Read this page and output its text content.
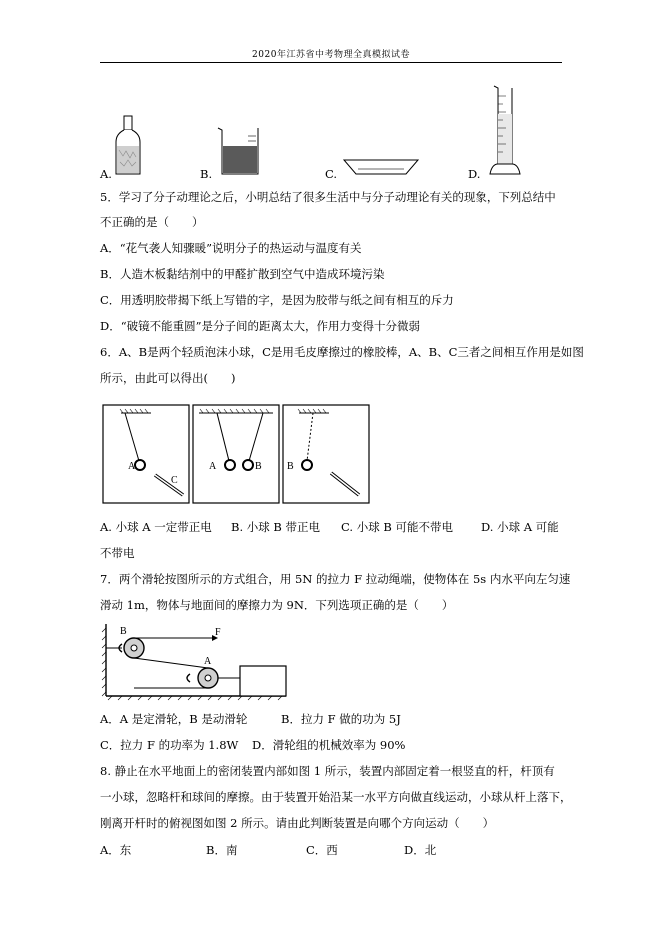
2020年江苏省中考物理全真模拟试卷
A.	B.	C.	D.
5．学习了分子动理论之后，小明总结了很多生活中与分子动理论有关的现象，下列总结中
不正确的是（　　）
A．“花气袭人知骤暖”说明分子的热运动与温度有关
B．人造木板黏结剂中的甲醛扩散到空气中造成环境污染
C．用透明胶带揭下纸上写错的字，是因为胶带与纸之间有相互的斥力
D．“破镜不能重圆”是分子间的距离太大，作用力变得十分微弱
6．A、B是两个轻质泡沫小球，C是用毛皮摩擦过的橡胶棒，A、B、C三者之间相互作用是如图
所示，由此可以得出(　　)
A
C
A	B	B
A. 小球 A 一定带正电 B. 小球 B 带正电 C. 小球 B 可能不带电 D. 小球 A 可能
不带电
7．两个滑轮按图所示的方式组合，用 5N 的拉力 F 拉动绳端，使物体在 5s 内水平向左匀速
滑动 1m，物体与地面间的摩擦力为 9N．下列选项正确的是（　　）
B
A
F
A．A 是定滑轮，B 是动滑轮	B．拉力 F 做的功为 5J
C．拉力 F 的功率为 1.8W D．滑轮组的机械效率为 90%
8. 静止在水平地面上的密闭装置内部如图 1 所示，装置内部固定着一根竖直的杆，杆顶有
一小球，忽略杆和球间的摩擦。由于装置开始沿某一水平方向做直线运动，小球从杆上落下，
刚离开杆时的俯视图如图 2 所示。请由此判断装置是向哪个方向运动（　　）
A．东	B．南	C．西	D．北
